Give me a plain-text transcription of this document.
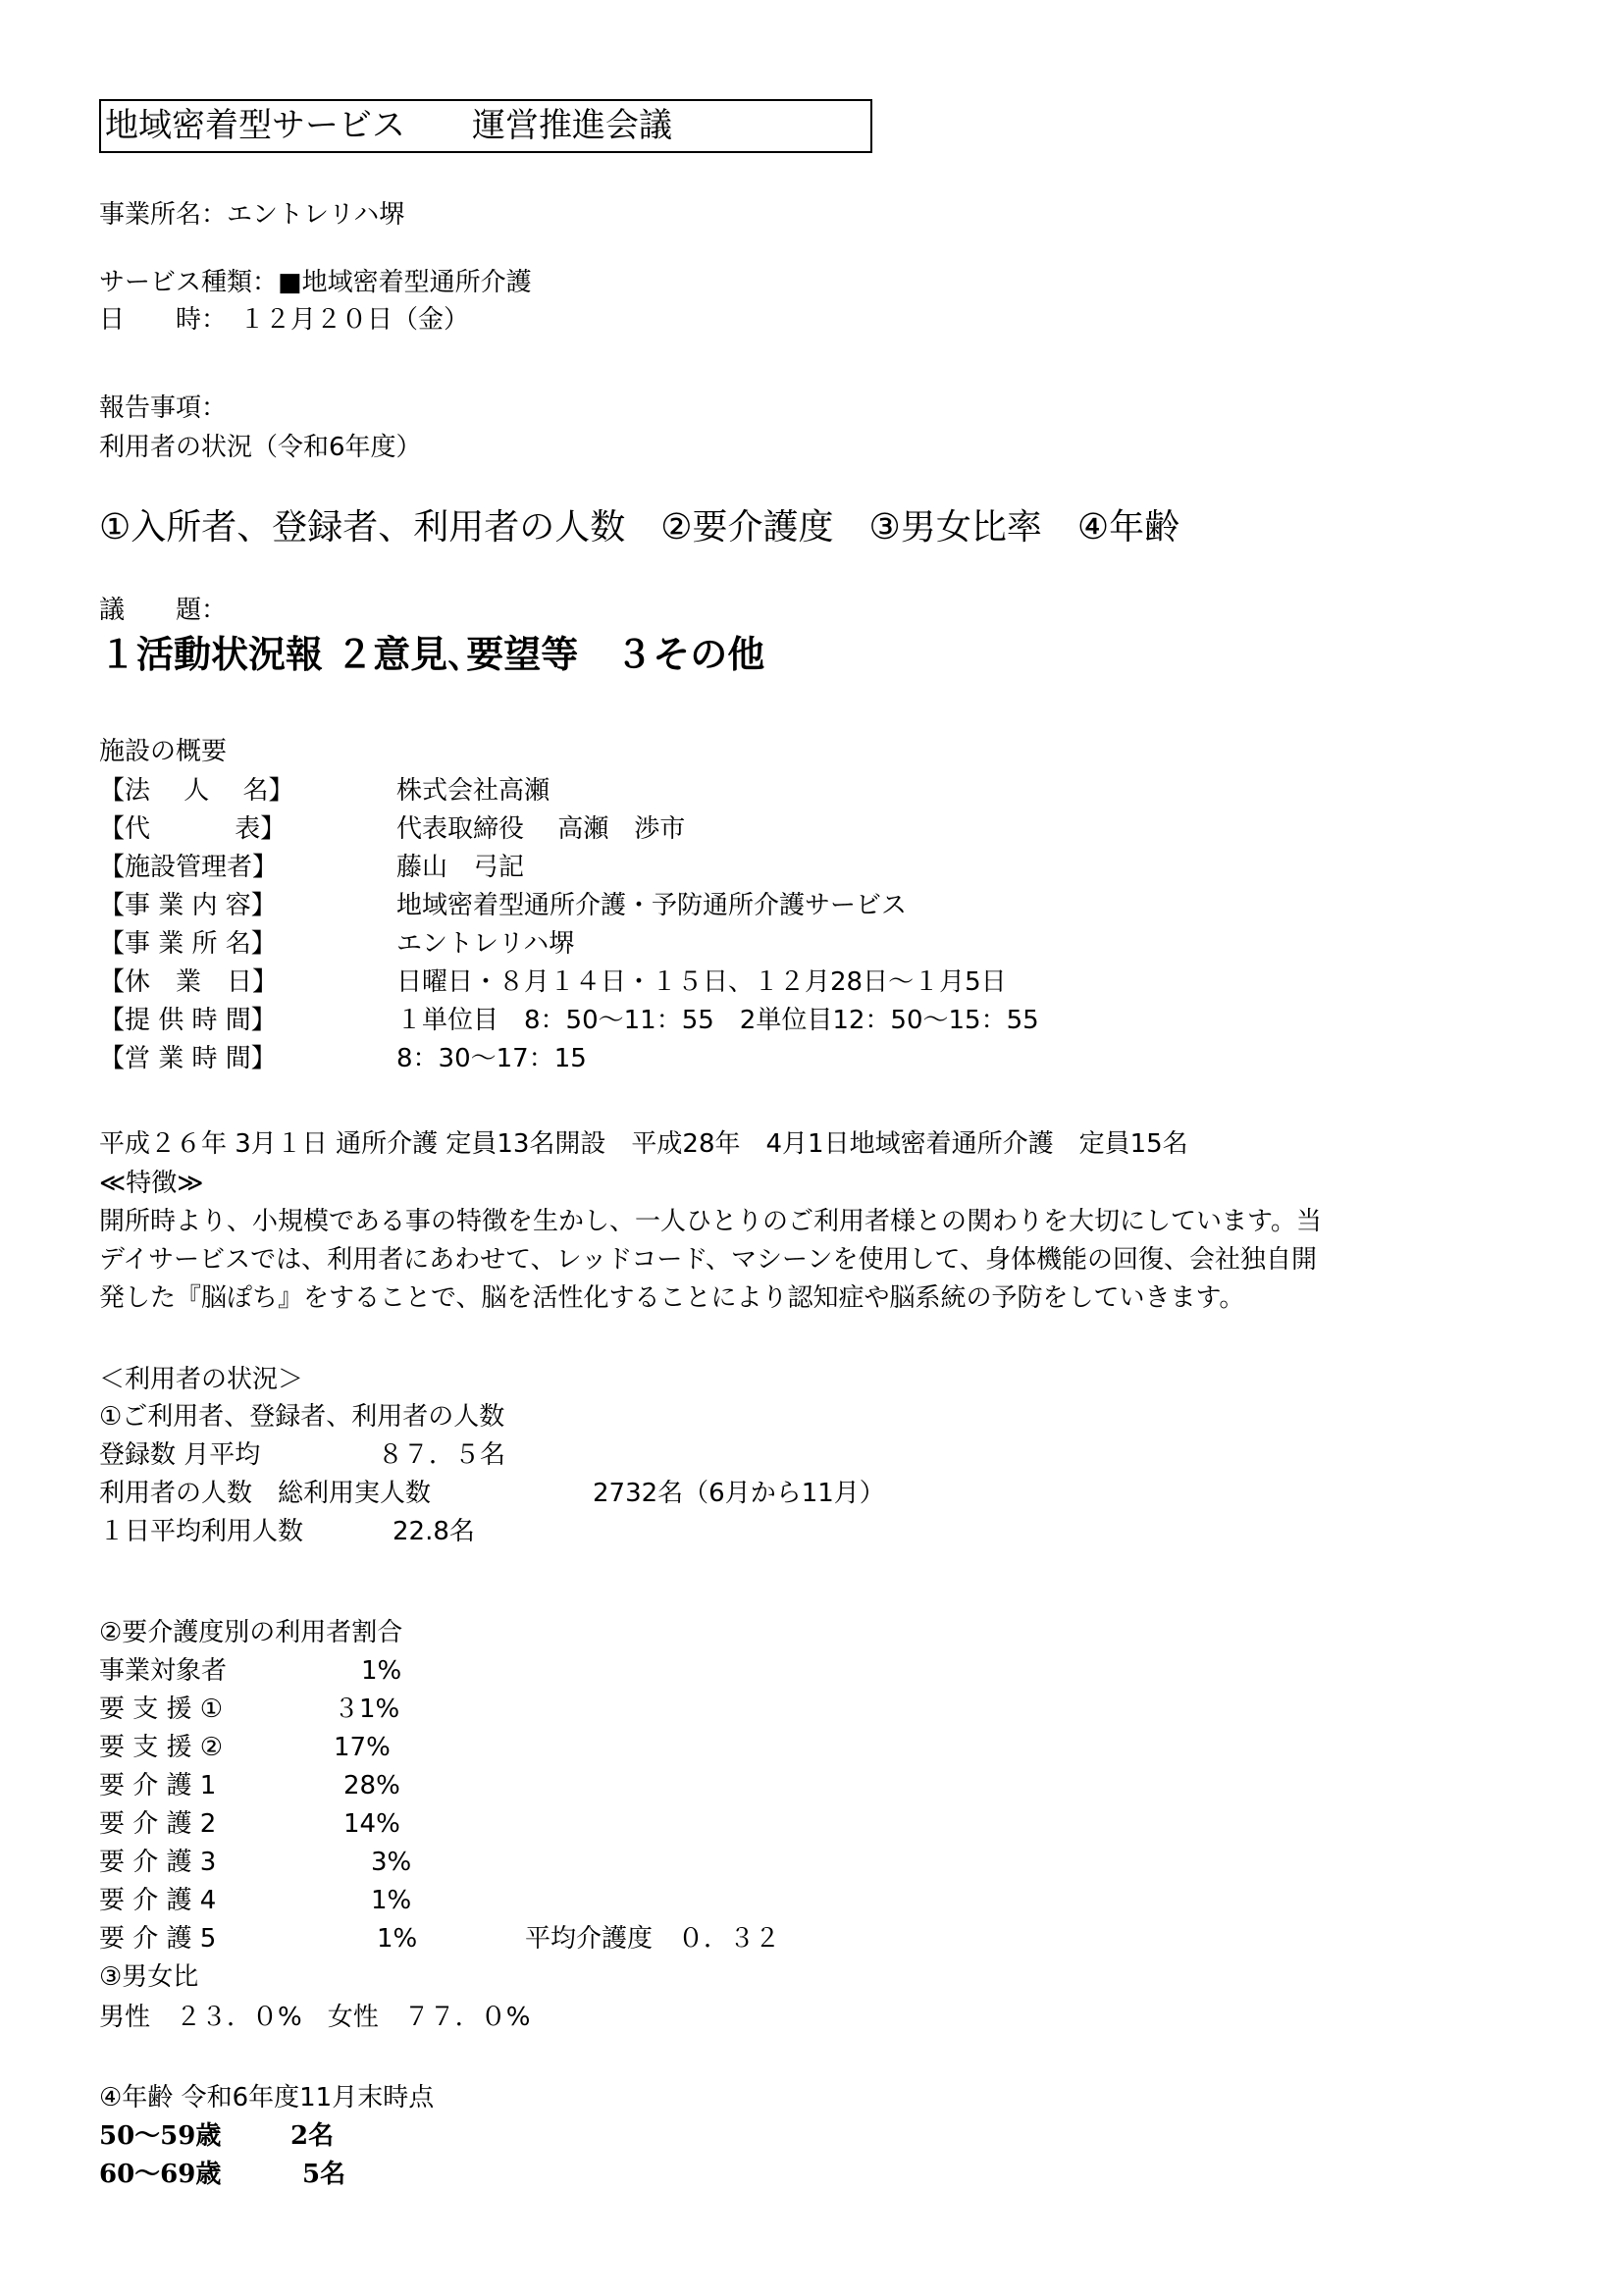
地域密着型サービス　　運営推進会議
事業所名：エントレリハ堺
サービス種類：■地域密着型通所介護
日　　時：　１２月２０日（金）
報告事項：
利用者の状況（令和6年度）
①入所者、登録者、利用者の人数　②要介護度　③男女比率　④年齢
議　　題：
１活動状況報 ２意見､要望等　３その他
施設の概要
【法　 人 　名】	株式会社高瀬
【代　　 　表】	代表取締役　 高瀬　渉市
【施設管理者】	藤山　弓記
【事 業 内 容】	地域密着型通所介護・予防通所介護サービス
【事 業 所 名】	エントレリハ堺
【休　業　日】	日曜日・８月１４日・１５日、１２月28日～１月5日
【提 供 時 間】	１単位目　8：50～11：55　2単位目12：50～15：55
【営 業 時 間】	8：30～17：15
平成２６年 3月１日 通所介護 定員13名開設　平成28年　4月1日地域密着通所介護　定員15名
≪特徴≫
開所時より、小規模である事の特徴を生かし、一人ひとりのご利用者様との関わりを大切にしています。当
デイサービスでは、利用者にあわせて、レッドコード、マシーンを使用して、身体機能の回復、会社独自開
発した『脳ぽち』をすることで、脳を活性化することにより認知症や脳系統の予防をしていきます。
＜利用者の状況＞
①ご利用者、登録者、利用者の人数
登録数 月平均	８７．５名
利用者の人数　総利用実人数	2732名（6月から11月）
１日平均利用人数	22.8名
②要介護度別の利用者割合
事業対象者	1%
要 支 援 ①	３1%
要 支 援 ②	17%
要 介 護 1	28%
要 介 護 2	14%
要 介 護 3	3%
要 介 護 4	1%
要 介 護 5	1%	平均介護度　０．３２
③男女比
男性　２３．０%　女性　７７．０%
④年齢 令和6年度11月末時点
50～59歳	2名
60～69歳	5名
